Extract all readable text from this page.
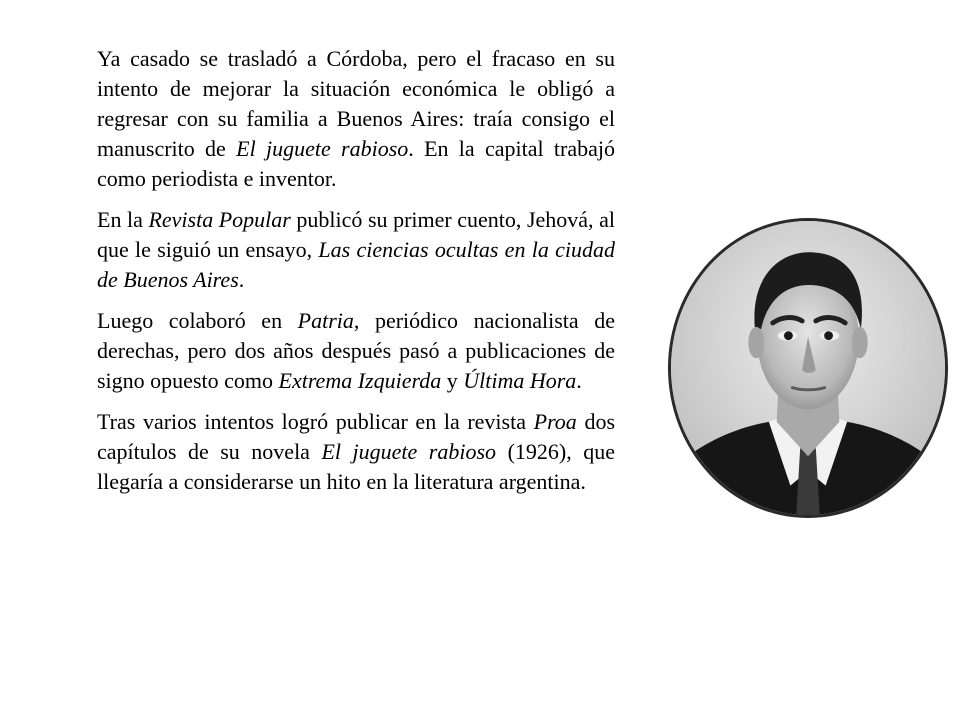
Ya casado se trasladó a Córdoba, pero el fracaso en su intento de mejorar la situación económica le obligó a regresar con su familia a Buenos Aires: traía consigo el manuscrito de El juguete rabioso. En la capital trabajó como periodista e inventor.

En la Revista Popular publicó su primer cuento, Jehová, al que le siguió un ensayo, Las ciencias ocultas en la ciudad de Buenos Aires.

Luego colaboró en Patria, periódico nacionalista de derechas, pero dos años después pasó a publicaciones de signo opuesto como Extrema Izquierda y Última Hora.

Tras varios intentos logró publicar en la revista Proa dos capítulos de su novela El juguete rabioso (1926), que llegaría a considerarse un hito en la literatura argentina.
